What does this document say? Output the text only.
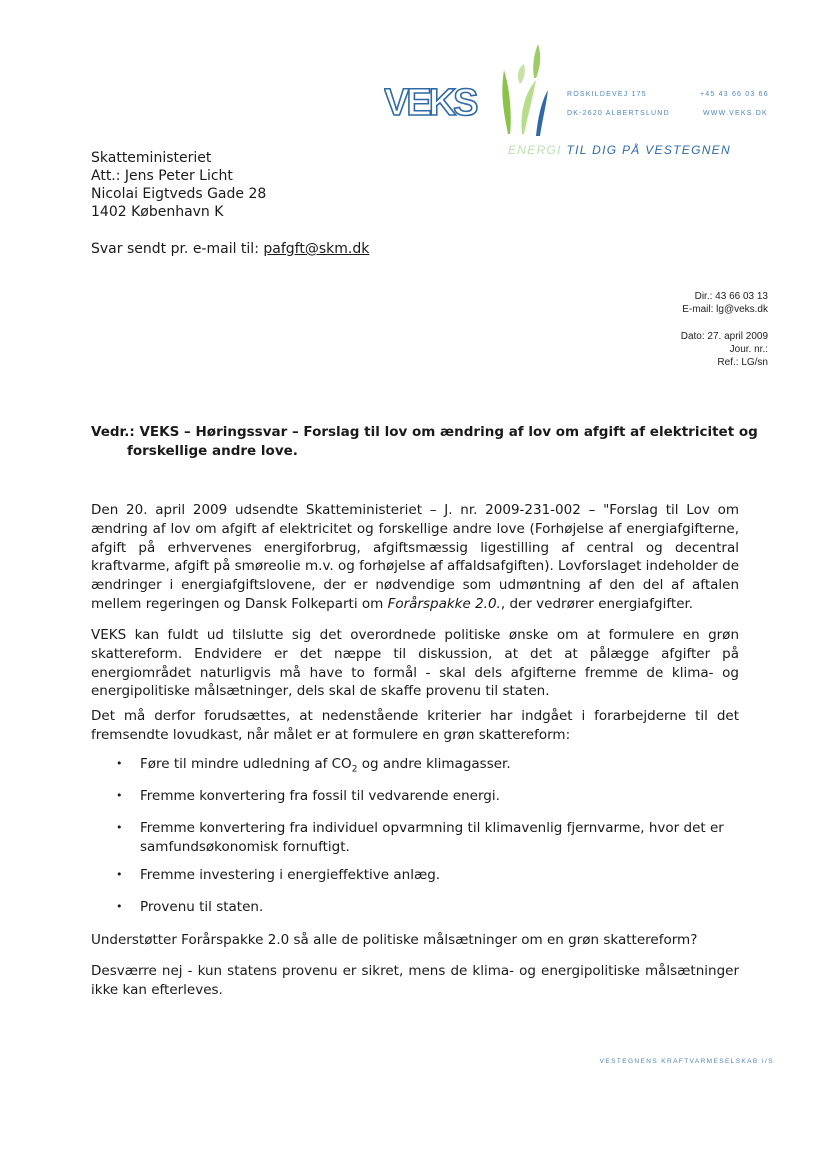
VEKS	ROSKILDEVEJ 175
DK-2620 ALBERTSLUND
+45 43 66 03 66
WWW.VEKS.DK
ENERGI TIL DIG PÅ VESTEGNEN
Skatteministeriet
Att.: Jens Peter Licht
Nicolai Eigtveds Gade 28
1402 København K
Svar sendt pr. e-mail til: pafgft@skm.dk
Dir.: 43 66 03 13
E-mail: lg@veks.dk
Dato: 27. april 2009
Jour. nr.:
Ref.: LG/sn
Vedr.: VEKS – Høringssvar – Forslag til lov om ændring af lov om afgift af elektricitet og forskellige andre love.
Den 20. april 2009 udsendte Skatteministeriet – J. nr. 2009-231-002 – "Forslag til Lov om ændring af lov om afgift af elektricitet og forskellige andre love (Forhøjelse af energiafgifterne, afgift på erhvervenes energiforbrug, afgiftsmæssig ligestilling af central og decentral kraftvarme, afgift på smøreolie m.v. og forhøjelse af affaldsafgiften). Lovforslaget indeholder de ændringer i energiafgiftslovene, der er nødvendige som udmøntning af den del af aftalen mellem regeringen og Dansk Folkeparti om Forårspakke 2.0., der vedrører energiafgifter.
VEKS kan fuldt ud tilslutte sig det overordnede politiske ønske om at formulere en grøn skattereform. Endvidere er det næppe til diskussion, at det at pålægge afgifter på energiområdet naturligvis må have to formål - skal dels afgifterne fremme de klima- og energipolitiske målsætninger, dels skal de skaffe provenu til staten.
Det må derfor forudsættes, at nedenstående kriterier har indgået i forarbejderne til det fremsendte lovudkast, når målet er at formulere en grøn skattereform:
• Føre til mindre udledning af $CO_2$ og andre klimagasser.
• Fremme konvertering fra fossil til vedvarende energi.
• Fremme konvertering fra individuel opvarmning til klimavenlig fjernvarme, hvor det er samfundsøkonomisk fornuftigt.
• Fremme investering i energieffektive anlæg.
• Provenu til staten.
Understøtter Forårspakke 2.0 så alle de politiske målsætninger om en grøn skattereform?
Desværre nej - kun statens provenu er sikret, mens de klima- og energipolitiske målsætninger ikke kan efterleves.
VESTEGNENS KRAFTVARMESELSKAB I/S
